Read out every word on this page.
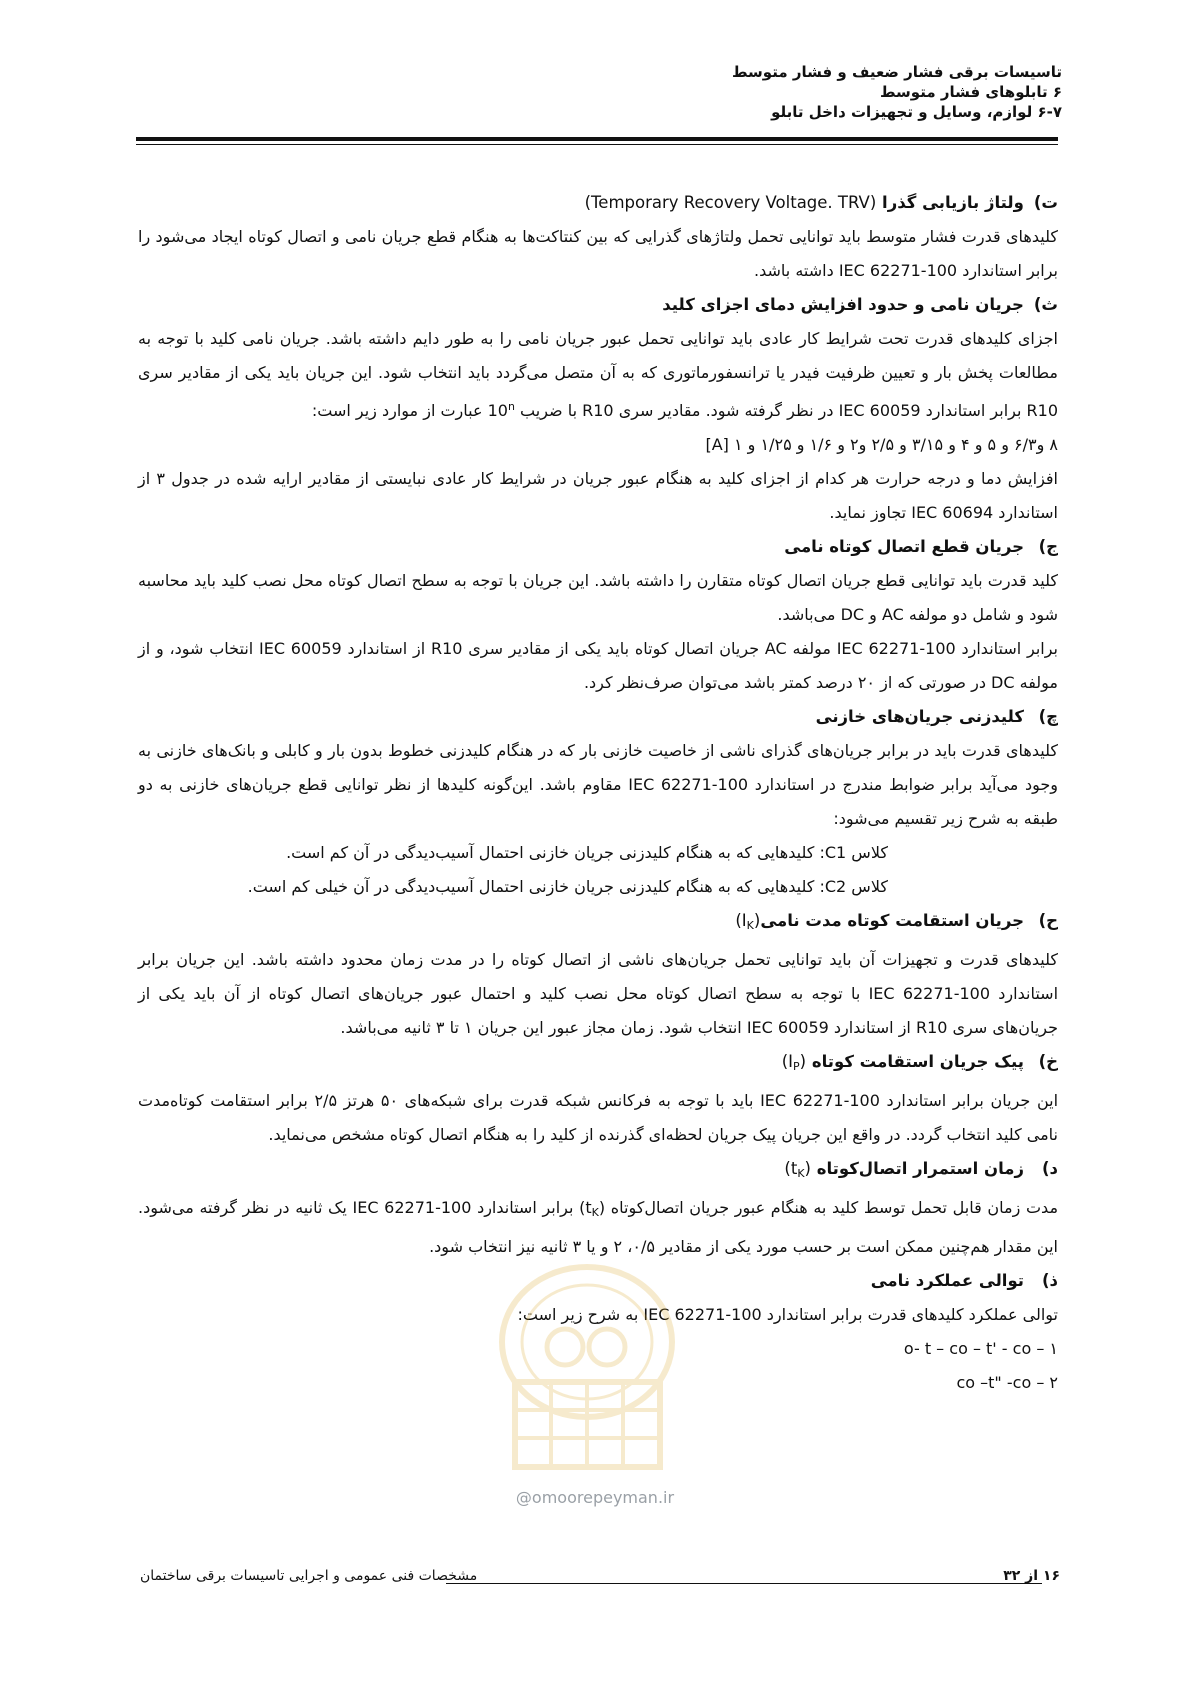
تاسیسات برقی فشار ضعیف و فشار متوسط
۶ تابلوهای فشار متوسط
۶-۷ لوازم، وسایل و تجهیزات داخل تابلو
ت)
ولتاژ بازیابی گذرا (Temporary Recovery Voltage. TRV)

کلیدهای قدرت فشار متوسط باید توانایی تحمل ولتاژهای گذرایی که بین کنتاکت‌ها به هنگام قطع جریان نامی و اتصال کوتاه ایجاد می‌شود را برابر استاندارد IEC 62271-100 داشته باشد.

ث)
جریان نامی و حدود افزایش دمای اجزای کلید

اجزای کلیدهای قدرت تحت شرایط کار عادی باید توانایی تحمل عبور جریان نامی را به طور دایم داشته باشد. جریان نامی کلید با توجه به مطالعات پخش بار و تعیین ظرفیت فیدر یا ترانسفورماتوری که به آن متصل می‌گردد باید انتخاب شود. این جریان باید یکی از مقادیر سری R10 برابر استاندارد IEC 60059 در نظر گرفته شود. مقادیر سری R10 با ضریب 10$^n$ عبارت از موارد زیر است:

۸ و۶/۳ و ۵ و ۴ و ۳/۱۵ و ۲/۵ و۲ و ۱/۶ و ۱/۲۵ و ۱ [A]

افزایش دما و درجه حرارت هر کدام از اجزای کلید به هنگام عبور جریان در شرایط کار عادی نبایستی از مقادیر ارایه شده در جدول ۳ از استاندارد IEC 60694 تجاوز نماید.

ج)
جریان قطع اتصال کوتاه نامی

کلید قدرت باید توانایی قطع جریان اتصال کوتاه متقارن را داشته باشد. این جریان با توجه به سطح اتصال کوتاه محل نصب کلید باید محاسبه شود و شامل دو مولفه AC و DC می‌باشد.

برابر استاندارد IEC 62271-100 مولفه AC جریان اتصال کوتاه باید یکی از مقادیر سری R10 از استاندارد IEC 60059 انتخاب شود، و از مولفه DC در صورتی که از ۲۰ درصد کمتر باشد می‌توان صرف‌نظر کرد.

چ)
کلیدزنی جریان‌های خازنی

کلیدهای قدرت باید در برابر جریان‌های گذرای ناشی از خاصیت خازنی بار که در هنگام کلیدزنی خطوط بدون بار و کابلی و بانک‌های خازنی به وجود می‌آید برابر ضوابط مندرج در استاندارد IEC 62271-100 مقاوم باشد. این‌گونه کلیدها از نظر توانایی قطع جریان‌های خازنی به دو طبقه به شرح زیر تقسیم می‌شود:

کلاس C1: کلیدهایی که به هنگام کلیدزنی جریان خازنی احتمال آسیب‌دیدگی در آن کم است.

کلاس C2: کلیدهایی که به هنگام کلیدزنی جریان خازنی احتمال آسیب‌دیدگی در آن خیلی کم است.

ح)
جریان استقامت کوتاه مدت $نامی(I_K)$

کلیدهای قدرت و تجهیزات آن باید توانایی تحمل جریان‌های ناشی از اتصال کوتاه را در مدت زمان محدود داشته باشد. این جریان برابر استاندارد IEC 62271-100 با توجه به سطح اتصال کوتاه محل نصب کلید و احتمال عبور جریان‌های اتصال کوتاه از آن باید یکی از جریان‌های سری R10 از استاندارد IEC 60059 انتخاب شود. زمان مجاز عبور این جریان ۱ تا ۳ ثانیه می‌باشد.

خ)
پیک جریان استقامت کوتاه $(I_P)$

این جریان برابر استاندارد IEC 62271-100 باید با توجه به فرکانس شبکه قدرت برای شبکه‌های ۵۰ هرتز ۲/۵ برابر استقامت کوتاه‌مدت نامی کلید انتخاب گردد. در واقع این جریان پیک جریان لحظه‌ای گذرنده از کلید را به هنگام اتصال کوتاه مشخص می‌نماید.

د)
زمان استمرار اتصال‌کوتاه $(t_K)$

مدت زمان قابل تحمل توسط کلید به هنگام عبور جریان اتصال‌کوتاه $(t_K)$ برابر استاندارد IEC 62271-100 یک ثانیه در نظر گرفته می‌شود. این مقدار هم‌چنین ممکن است بر حسب مورد یکی از مقادیر ۰/۵، ۲ و یا ۳ ثانیه نیز انتخاب شود.

ذ)
توالی عملکرد نامی

توالی عملکرد کلیدهای قدرت برابر استاندارد IEC 62271-100 به شرح زیر است:

o- t – co – t' - co – ۱

co –t" -co – ۲

@omoorepeyman.ir
۱۶ از ۳۲
مشخصات فنی عمومی و اجرایی تاسیسات برقی ساختمان
